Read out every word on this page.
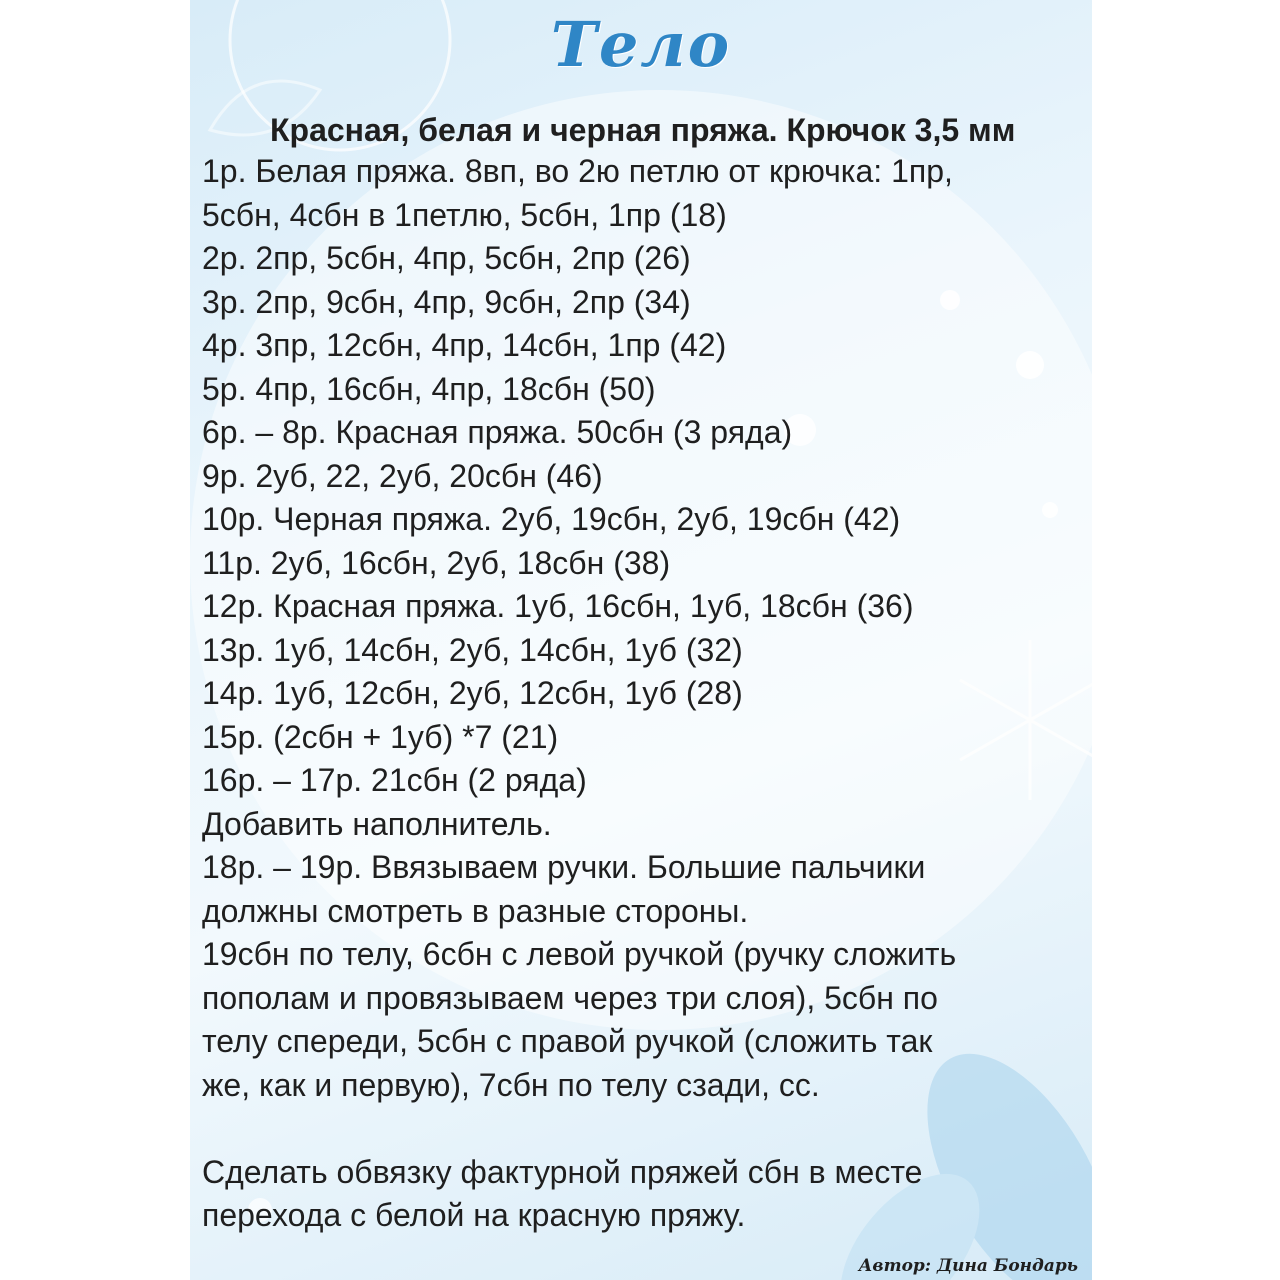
Тело
Красная, белая и черная пряжа. Крючок 3,5 мм
1р. Белая пряжа. 8вп, во 2ю петлю от крючка: 1пр,
5сбн, 4сбн в 1петлю, 5сбн, 1пр (18)
2р. 2пр, 5сбн, 4пр, 5сбн, 2пр (26)
3р. 2пр, 9сбн, 4пр, 9сбн, 2пр (34)
4р. 3пр, 12сбн, 4пр, 14сбн, 1пр (42)
5р. 4пр, 16сбн, 4пр, 18сбн (50)
6р. – 8р. Красная пряжа. 50сбн (3 ряда)
9р. 2уб, 22, 2уб, 20сбн (46)
10р. Черная пряжа. 2уб, 19сбн, 2уб, 19сбн (42)
11р. 2уб, 16сбн, 2уб, 18сбн (38)
12р. Красная пряжа. 1уб, 16сбн, 1уб, 18сбн (36)
13р. 1уб, 14сбн, 2уб, 14сбн, 1уб (32)
14р. 1уб, 12сбн, 2уб, 12сбн, 1уб (28)
15р. (2сбн + 1уб) *7 (21)
16р. – 17р. 21сбн (2 ряда)
Добавить наполнитель.
18р. – 19р. Ввязываем ручки. Большие пальчики
должны смотреть в разные стороны.
19сбн по телу, 6сбн с левой ручкой (ручку сложить
пополам и провязываем через три слоя), 5сбн по
телу спереди, 5сбн с правой ручкой (сложить так
же, как и первую), 7сбн по телу сзади, сс.
Сделать обвязку фактурной пряжей сбн в месте
перехода с белой на красную пряжу.
Автор: Дина Бондарь
